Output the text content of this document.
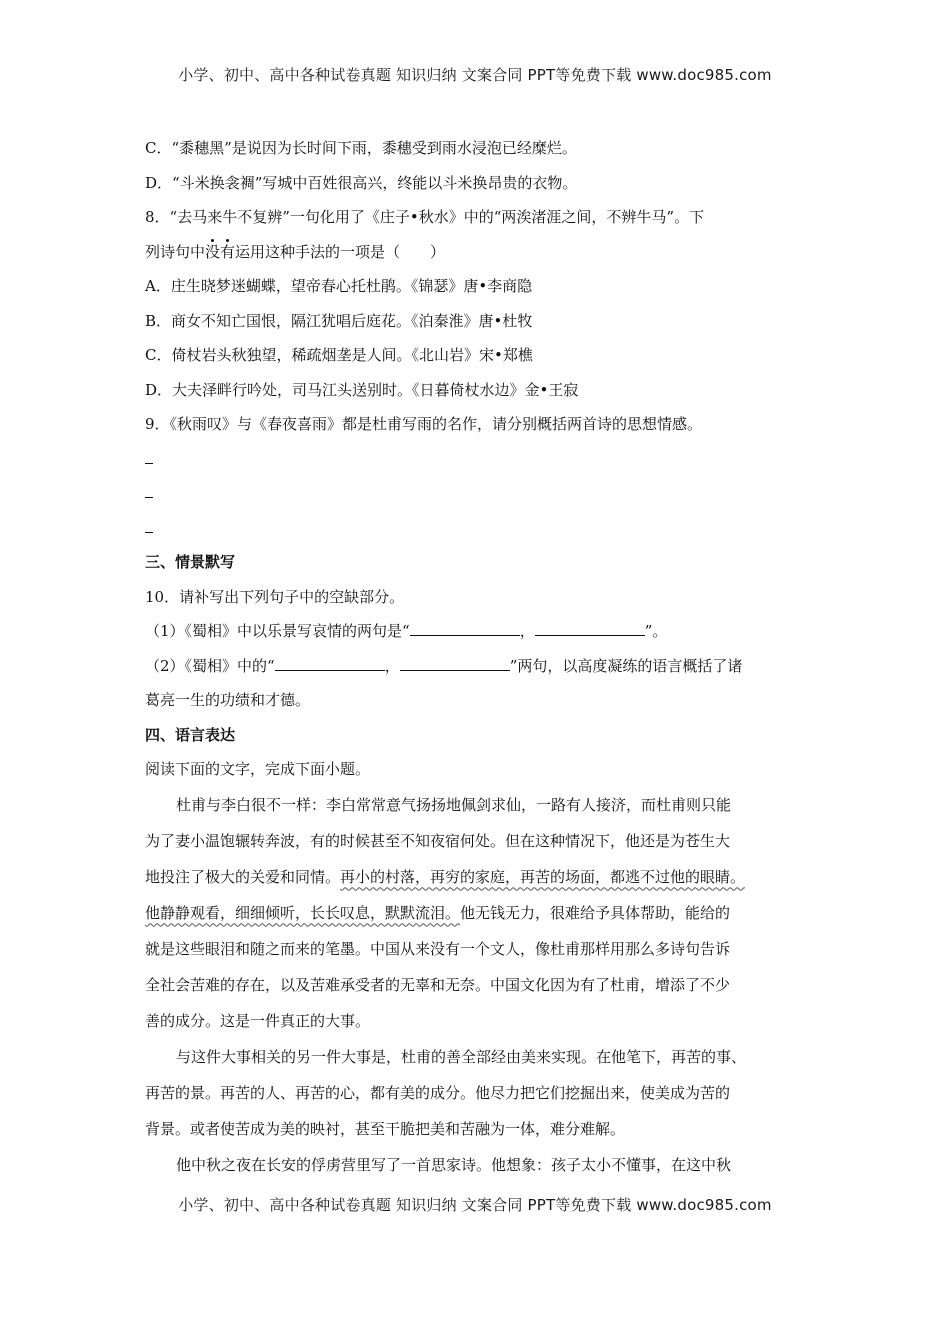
小学、初中、高中各种试卷真题 知识归纳 文案合同 PPT等免费下载 www.doc985.com
C．“黍穗黑”是说因为长时间下雨，黍穗受到雨水浸泡已经糜烂。
D．“斗米换衾裯”写城中百姓很高兴，终能以斗米换昂贵的衣物。
8．“去马来牛不复辨”一句化用了《庄子•秋水》中的“两涘渚涯之间，不辨牛马”。下
列诗句中没有运用这种手法的一项是（　　）
A．庄生晓梦迷蝴蝶，望帝春心托杜鹃。《锦瑟》唐•李商隐
B．商女不知亡国恨，隔江犹唱后庭花。《泊秦淮》唐•杜牧
C．倚杖岩头秋独望，稀疏烟垄是人间。《北山岩》宋•郑樵
D．大夫泽畔行吟处，司马江头送别时。《日暮倚杖水边》金•王寂
9．《秋雨叹》与《春夜喜雨》都是杜甫写雨的名作，请分别概括两首诗的思想情感。
三、情景默写
10．请补写出下列句子中的空缺部分。
（1）《蜀相》中以乐景写哀情的两句是“	，	”。
（2）《蜀相》中的“	，	”两句，以高度凝练的语言概括了诸
葛亮一生的功绩和才德。
四、语言表达
阅读下面的文字，完成下面小题。
杜甫与李白很不一样：李白常常意气扬扬地佩剑求仙，一路有人接济，而杜甫则只能
为了妻小温饱辗转奔波，有的时候甚至不知夜宿何处。但在这种情况下，他还是为苍生大
地投注了极大的关爱和同情。再小的村落，再穷的家庭，再苦的场面，都逃不过他的眼睛。
他静静观看，细细倾听，长长叹息，默默流泪。他无钱无力，很难给予具体帮助，能给的
就是这些眼泪和随之而来的笔墨。中国从来没有一个文人，像杜甫那样用那么多诗句告诉
全社会苦难的存在，以及苦难承受者的无辜和无奈。中国文化因为有了杜甫，增添了不少
善的成分。这是一件真正的大事。
与这件大事相关的另一件大事是，杜甫的善全部经由美来实现。在他笔下，再苦的事、
再苦的景。再苦的人、再苦的心，都有美的成分。他尽力把它们挖掘出来，使美成为苦的
背景。或者使苦成为美的映衬，甚至干脆把美和苦融为一体，难分难解。
他中秋之夜在长安的俘虏营里写了一首思家诗。他想象：孩子太小不懂事，在这中秋
小学、初中、高中各种试卷真题 知识归纳 文案合同 PPT等免费下载 www.doc985.com
